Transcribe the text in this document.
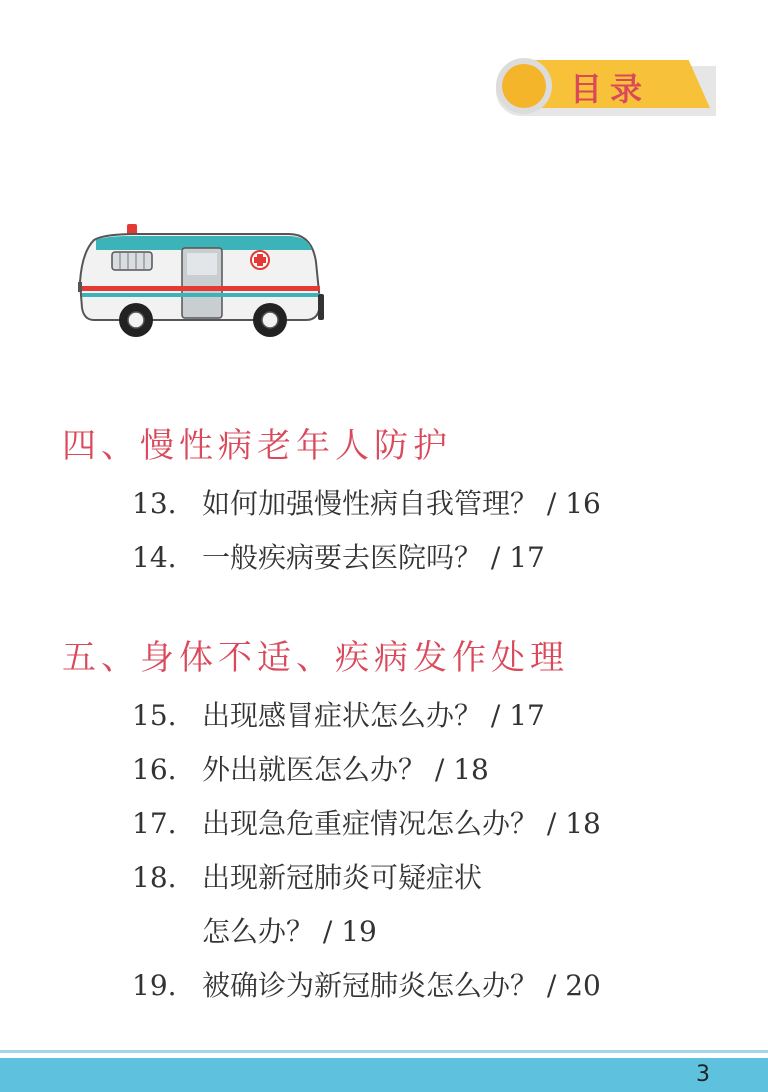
目录
四、慢性病老年人防护
13. 如何加强慢性病自我管理？ / 16
14. 一般疾病要去医院吗？ / 17
五、身体不适、疾病发作处理
15. 出现感冒症状怎么办？ / 17
16. 外出就医怎么办？ / 18
17. 出现急危重症情况怎么办？ / 18
18. 出现新冠肺炎可疑症状
怎么办？ / 19
19. 被确诊为新冠肺炎怎么办？ / 20
3
